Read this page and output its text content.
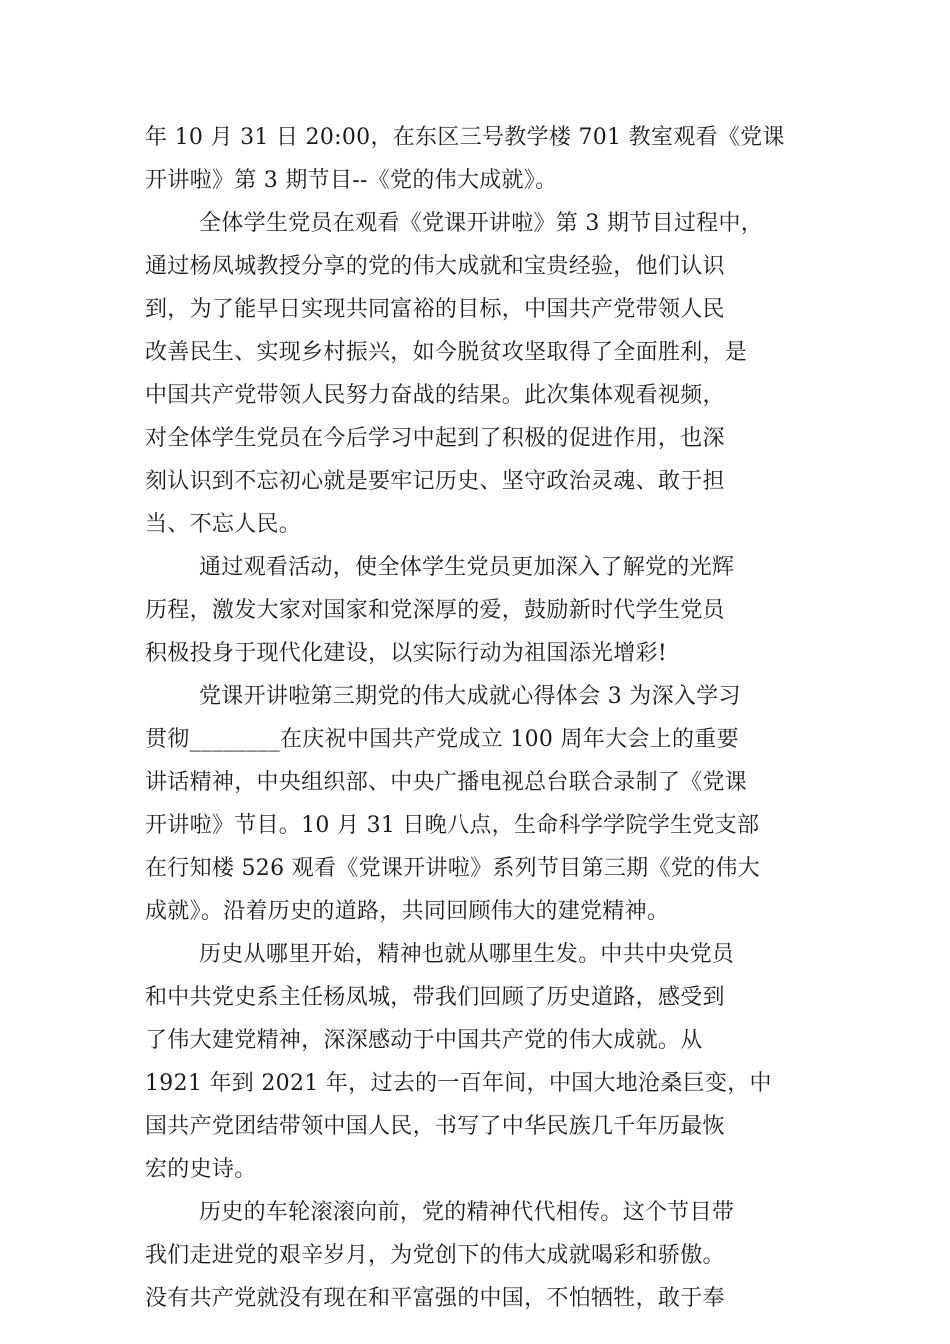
年 10 月 31 日 20:00，在东区三号教学楼 701 教室观看《党课
开讲啦》第 3 期节目--《党的伟大成就》。
全体学生党员在观看《党课开讲啦》第 3 期节目过程中，
通过杨凤城教授分享的党的伟大成就和宝贵经验，他们认识
到，为了能早日实现共同富裕的目标，中国共产党带领人民
改善民生、实现乡村振兴，如今脱贫攻坚取得了全面胜利，是
中国共产党带领人民努力奋战的结果。此次集体观看视频，
对全体学生党员在今后学习中起到了积极的促进作用，也深
刻认识到不忘初心就是要牢记历史、坚守政治灵魂、敢于担
当、不忘人民。
通过观看活动，使全体学生党员更加深入了解党的光辉
历程，激发大家对国家和党深厚的爱，鼓励新时代学生党员
积极投身于现代化建设，以实际行动为祖国添光增彩!
党课开讲啦第三期党的伟大成就心得体会 3 为深入学习
贯彻________在庆祝中国共产党成立 100 周年大会上的重要
讲话精神，中央组织部、中央广播电视总台联合录制了《党课
开讲啦》节目。10 月 31 日晚八点，生命科学学院学生党支部
在行知楼 526 观看《党课开讲啦》系列节目第三期《党的伟大
成就》。沿着历史的道路，共同回顾伟大的建党精神。
历史从哪里开始，精神也就从哪里生发。中共中央党员
和中共党史系主任杨凤城，带我们回顾了历史道路，感受到
了伟大建党精神，深深感动于中国共产党的伟大成就。从
1921 年到 2021 年，过去的一百年间，中国大地沧桑巨变，中
国共产党团结带领中国人民，书写了中华民族几千年历最恢
宏的史诗。
历史的车轮滚滚向前，党的精神代代相传。这个节目带
我们走进党的艰辛岁月，为党创下的伟大成就喝彩和骄傲。
没有共产党就没有现在和平富强的中国，不怕牺牲，敢于奉
